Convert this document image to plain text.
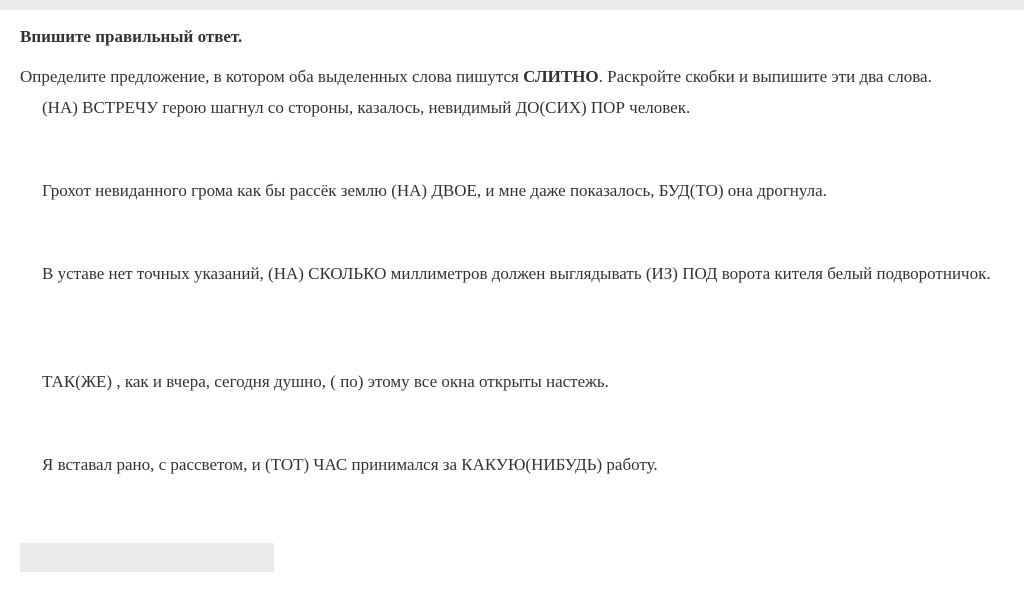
Впишите правильный ответ.
Определите предложение, в котором оба выделенных слова пишутся СЛИТНО. Раскройте скобки и выпишите эти два слова.
(НА) ВСТРЕЧУ герою шагнул со стороны, казалось, невидимый ДО(СИХ) ПОР человек.
Грохот невиданного грома как бы рассёк землю (НА) ДВОЕ, и мне даже показалось, БУД(ТО) она дрогнула.
В уставе нет точных указаний, (НА) СКОЛЬКО миллиметров должен выглядывать (ИЗ) ПОД ворота кителя белый подворотничок.
ТАК(ЖЕ) , как и вчера, сегодня душно, ( по) этому все окна открыты настежь.
Я вставал рано, с рассветом, и (ТОТ) ЧАС принимался за КАКУЮ(НИБУДЬ) работу.
